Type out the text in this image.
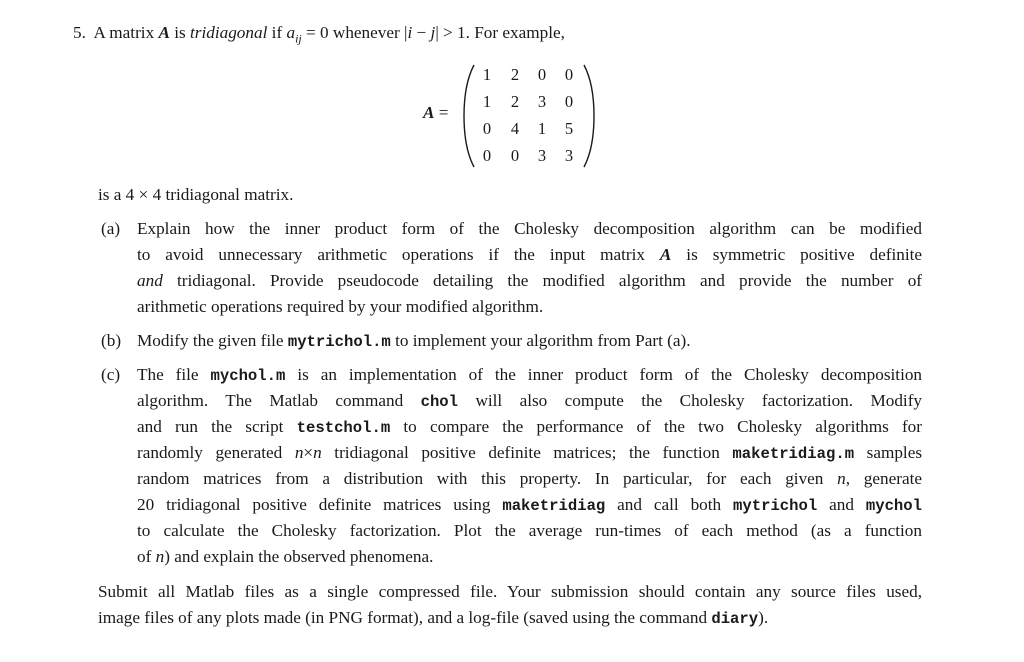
5. A matrix A is tridiagonal if $a_{ij} = 0$ whenever |i − j| > 1. For example,
A =
1	2	0	0
1	2	3	0
0	4	1	5
0	0	3	3
is a 4 × 4 tridiagonal matrix.
(a) Explain how the inner product form of the Cholesky decomposition algorithm can be modified
to avoid unnecessary arithmetic operations if the input matrix A is symmetric positive definite
and tridiagonal. Provide pseudocode detailing the modified algorithm and provide the number of
arithmetic operations required by your modified algorithm.
(b) Modify the given file mytrichol.m to implement your algorithm from Part (a).
(c) The file mychol.m is an implementation of the inner product form of the Cholesky decomposition
algorithm. The Matlab command chol will also compute the Cholesky factorization. Modify
and run the script testchol.m to compare the performance of the two Cholesky algorithms for
randomly generated n×n tridiagonal positive definite matrices; the function maketridiag.m samples
random matrices from a distribution with this property. In particular, for each given n, generate
20 tridiagonal positive definite matrices using maketridiag and call both mytrichol and mychol
to calculate the Cholesky factorization. Plot the average run-times of each method (as a function
of n) and explain the observed phenomena.
Submit all Matlab files as a single compressed file. Your submission should contain any source files used,
image files of any plots made (in PNG format), and a log-file (saved using the command diary).
